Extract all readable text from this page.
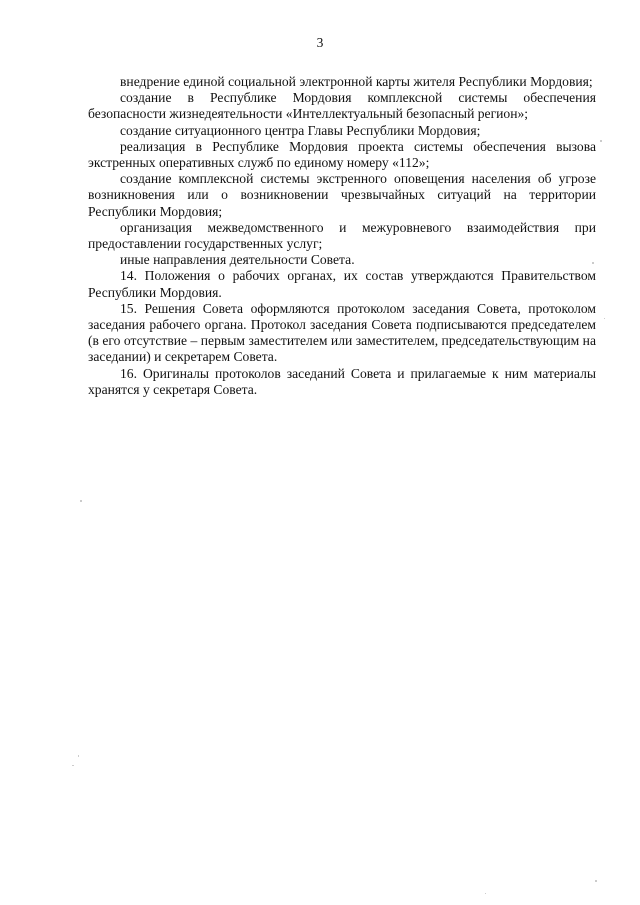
3

внедрение единой социальной электронной карты жителя Республики Мордовия;

создание в Республике Мордовия комплексной системы обеспечения безопасности жизнедеятельности «Интеллектуальный безопасный регион»;

создание ситуационного центра Главы Республики Мордовия;

реализация в Республике Мордовия проекта системы обеспечения вызова экстренных оперативных служб по единому номеру «112»;

создание комплексной системы экстренного оповещения населения об угрозе возникновения или о возникновении чрезвычайных ситуаций на территории Республики Мордовия;

организация межведомственного и межуровневого взаимодействия при предоставлении государственных услуг;

иные направления деятельности Совета.

14. Положения о рабочих органах, их состав утверждаются Правительством Республики Мордовия.

15. Решения Совета оформляются протоколом заседания Совета, протоколом заседания рабочего органа. Протокол заседания Совета подписываются председателем (в его отсутствие – первым заместителем или заместителем, председательствующим на заседании) и секретарем Совета.

16. Оригиналы протоколов заседаний Совета и прилагаемые к ним материалы хранятся у секретаря Совета.
